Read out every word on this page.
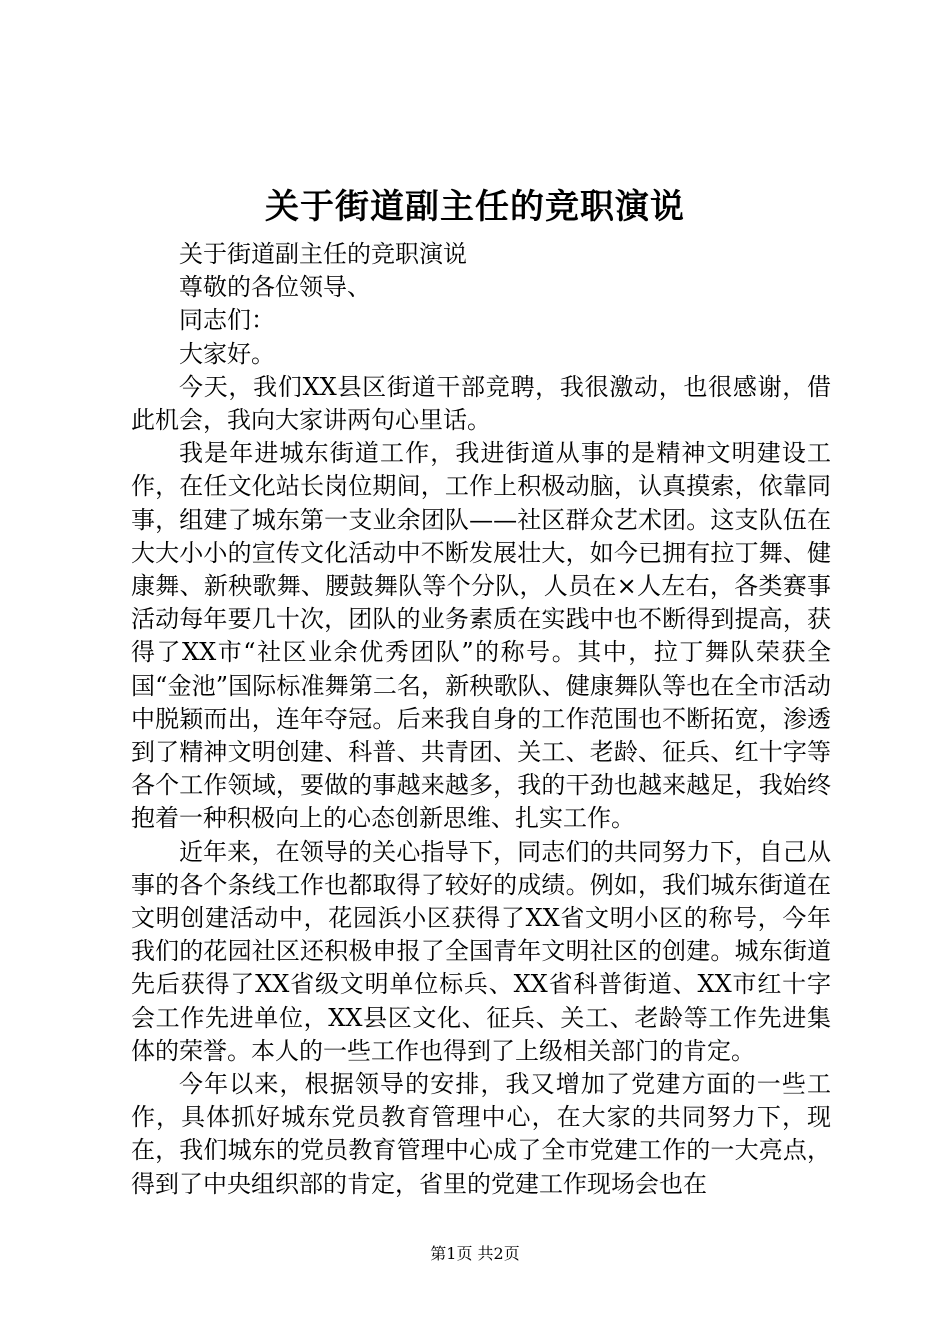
关于街道副主任的竞职演说

关于街道副主任的竞职演说

尊敬的各位领导、

同志们：

大家好。

今天，我们XX县区街道干部竞聘，我很激动，也很感谢，借此机会，我向大家讲两句心里话。

我是年进城东街道工作，我进街道从事的是精神文明建设工作，在任文化站长岗位期间，工作上积极动脑，认真摸索，依靠同事，组建了城东第一支业余团队——社区群众艺术团。这支队伍在大大小小的宣传文化活动中不断发展壮大，如今已拥有拉丁舞、健康舞、新秧歌舞、腰鼓舞队等个分队，人员在×人左右，各类赛事活动每年要几十次，团队的业务素质在实践中也不断得到提高，获得了XX市“社区业余优秀团队”的称号。其中，拉丁舞队荣获全国“金池”国际标准舞第二名，新秧歌队、健康舞队等也在全市活动中脱颖而出，连年夺冠。后来我自身的工作范围也不断拓宽，渗透到了精神文明创建、科普、共青团、关工、老龄、征兵、红十字等各个工作领域，要做的事越来越多，我的干劲也越来越足，我始终抱着一种积极向上的心态创新思维、扎实工作。

近年来，在领导的关心指导下，同志们的共同努力下，自己从事的各个条线工作也都取得了较好的成绩。例如，我们城东街道在文明创建活动中，花园浜小区获得了XX省文明小区的称号，今年我们的花园社区还积极申报了全国青年文明社区的创建。城东街道先后获得了XX省级文明单位标兵、XX省科普街道、XX市红十字会工作先进单位，XX县区文化、征兵、关工、老龄等工作先进集体的荣誉。本人的一些工作也得到了上级相关部门的肯定。

今年以来，根据领导的安排，我又增加了党建方面的一些工作，具体抓好城东党员教育管理中心，在大家的共同努力下，现在，我们城东的党员教育管理中心成了全市党建工作的一大亮点，得到了中央组织部的肯定，省里的党建工作现场会也在

第1页 共2页
